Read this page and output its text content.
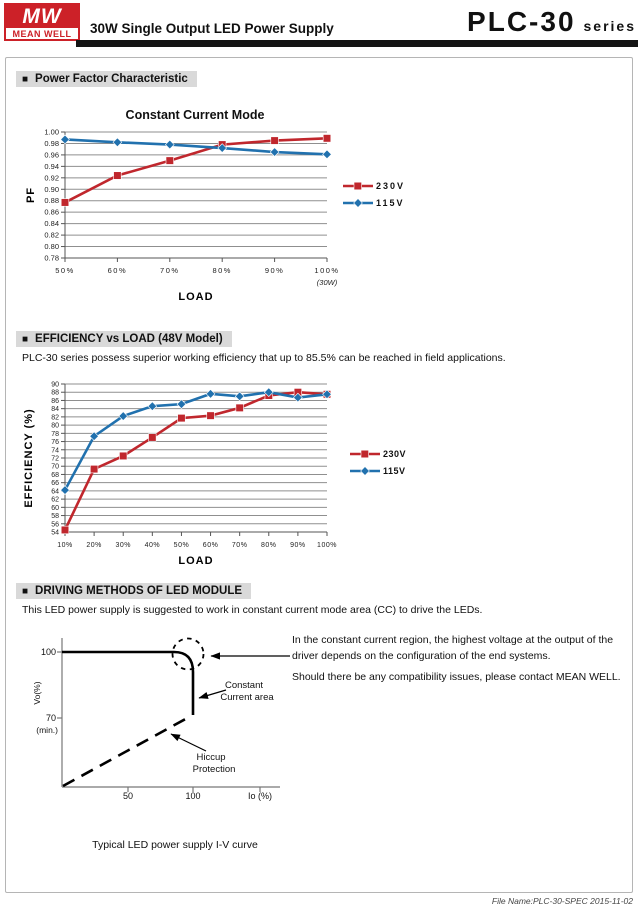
MW
MEAN WELL	30W Single Output LED Power Supply	PLC-30 series
■ Power Factor Characteristic
Constant Current Mode
0.78
0.80
0.82
0.84
0.86
0.88
0.90
0.92
0.94
0.96
0.98
1.00
50%	60%	70%	80%	90%	100%
(30W)
LOAD
PF
230V
115V
■ EFFICIENCY vs LOAD (48V Model)
PLC-30 series possess superior working efficiency that up to 85.5% can be reached in field applications.
54
56
58
60
62
64
66
68
70
72
74
76
78
80
82
84
86
88
90
10% 20% 30% 40% 50% 60% 70% 80% 90% 100%
LOAD
EFFICIENCY (%)	230V
115V
■ DRIVING METHODS OF LED MODULE
This LED power supply is suggested to work in constant current mode area (CC) to drive the LEDs.
100
70
(min.)
Vo(%)
50	100	Io (%)
Constant
Current area
Hiccup
Protection
Typical LED power supply I-V curve
In the constant current region, the highest voltage at the output of the driver depends on the configuration of the end systems.
Should there be any compatibility issues, please contact MEAN WELL.
File Name:PLC-30-SPEC 2015-11-02
